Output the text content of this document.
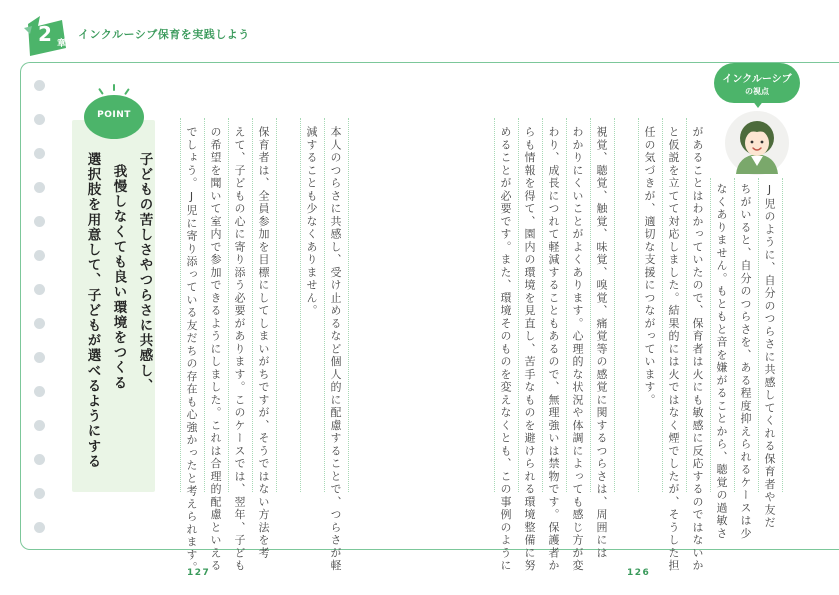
2 章
インクルーシブ保育を実践しよう
POINT
子どもの苦しさやつらさに共感し、
我慢しなくても良い環境をつくる
選択肢を用意して、子どもが選べるようにする
インクルーシブ
の視点
J児のように、自分のつらさに共感してくれる保育者や友だ
ちがいると、自分のつらさを、ある程度抑えられるケースは少
なくありません。もともと音を嫌がることから、聴覚の過敏さ
があることはわかっていたので、保育者は火にも敏感に反応するのではないか
と仮説を立てて対応しました。結果的には火ではなく煙でしたが、そうした担
任の気づきが、適切な支援につながっています。
視覚、聴覚、触覚、味覚、嗅覚、痛覚等の感覚に関するつらさは、周囲には
わかりにくいことがよくあります。心理的な状況や体調によっても感じ方が変
わり、成長につれて軽減することもあるので、無理強いは禁物です。保護者か
らも情報を得て、園内の環境を見直し、苦手なものを避けられる環境整備に努
めることが必要です。また、環境そのものを変えなくとも、この事例のように
本人のつらさに共感し、受け止めるなど個人的に配慮することで、つらさが軽
減することも少なくありません。
保育者は、全員参加を目標にしてしまいがちですが、そうではない方法を考
えて、子どもの心に寄り添う必要があります。このケースでは、翌年、子ども
の希望を聞いて室内で参加できるようにしました。これは合理的配慮といえる
でしょう。J児に寄り添っている友だちの存在も心強かったと考えられます。
127	126
